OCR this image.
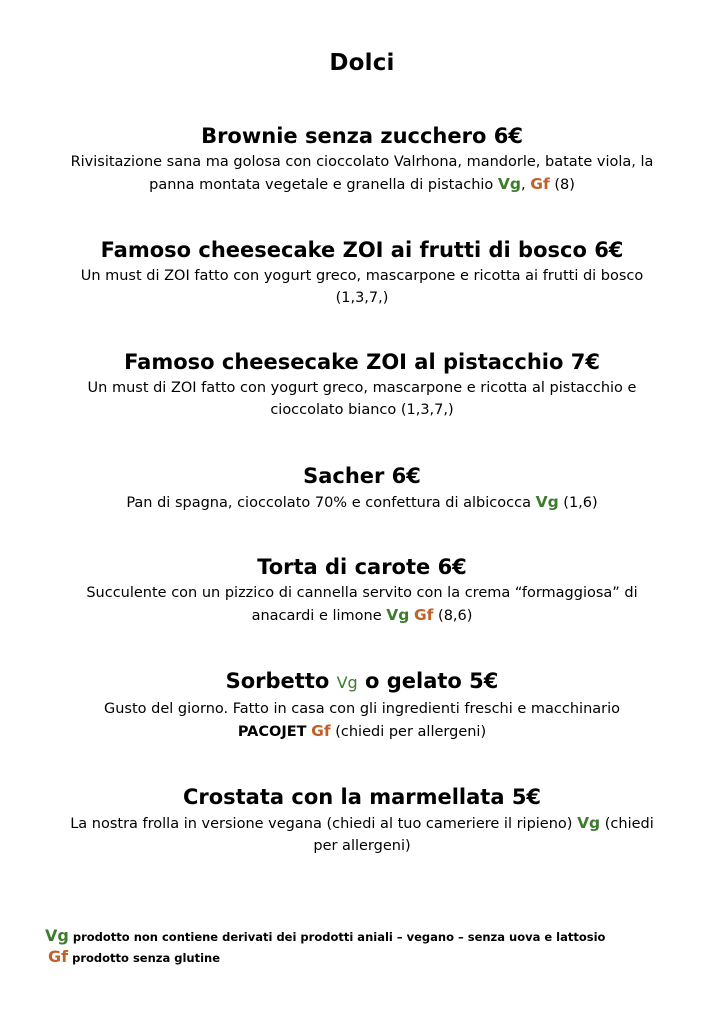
Dolci
Brownie senza zucchero 6€
Rivisitazione sana ma golosa con cioccolato Valrhona, mandorle, batate viola, la
panna montata vegetale e granella di pistachio Vg, Gf (8)
Famoso cheesecake ZOI ai frutti di bosco 6€
Un must di ZOI fatto con yogurt greco, mascarpone e ricotta ai frutti di bosco
(1,3,7,)
Famoso cheesecake ZOI al pistacchio 7€
Un must di ZOI fatto con yogurt greco, mascarpone e ricotta al pistacchio e
cioccolato bianco (1,3,7,)
Sacher 6€
Pan di spagna, cioccolato 70% e confettura di albicocca Vg (1,6)
Torta di carote 6€
Succulente con un pizzico di cannella servito con la crema “formaggiosa” di
anacardi e limone Vg Gf (8,6)
Sorbetto Vg o gelato 5€
Gusto del giorno. Fatto in casa con gli ingredienti freschi e macchinario
PACOJET Gf (chiedi per allergeni)
Crostata con la marmellata 5€
La nostra frolla in versione vegana (chiedi al tuo cameriere il ripieno) Vg (chiedi
per allergeni)
Vg prodotto non contiene derivati dei prodotti aniali – vegano – senza uova e lattosio
Gf prodotto senza glutine
